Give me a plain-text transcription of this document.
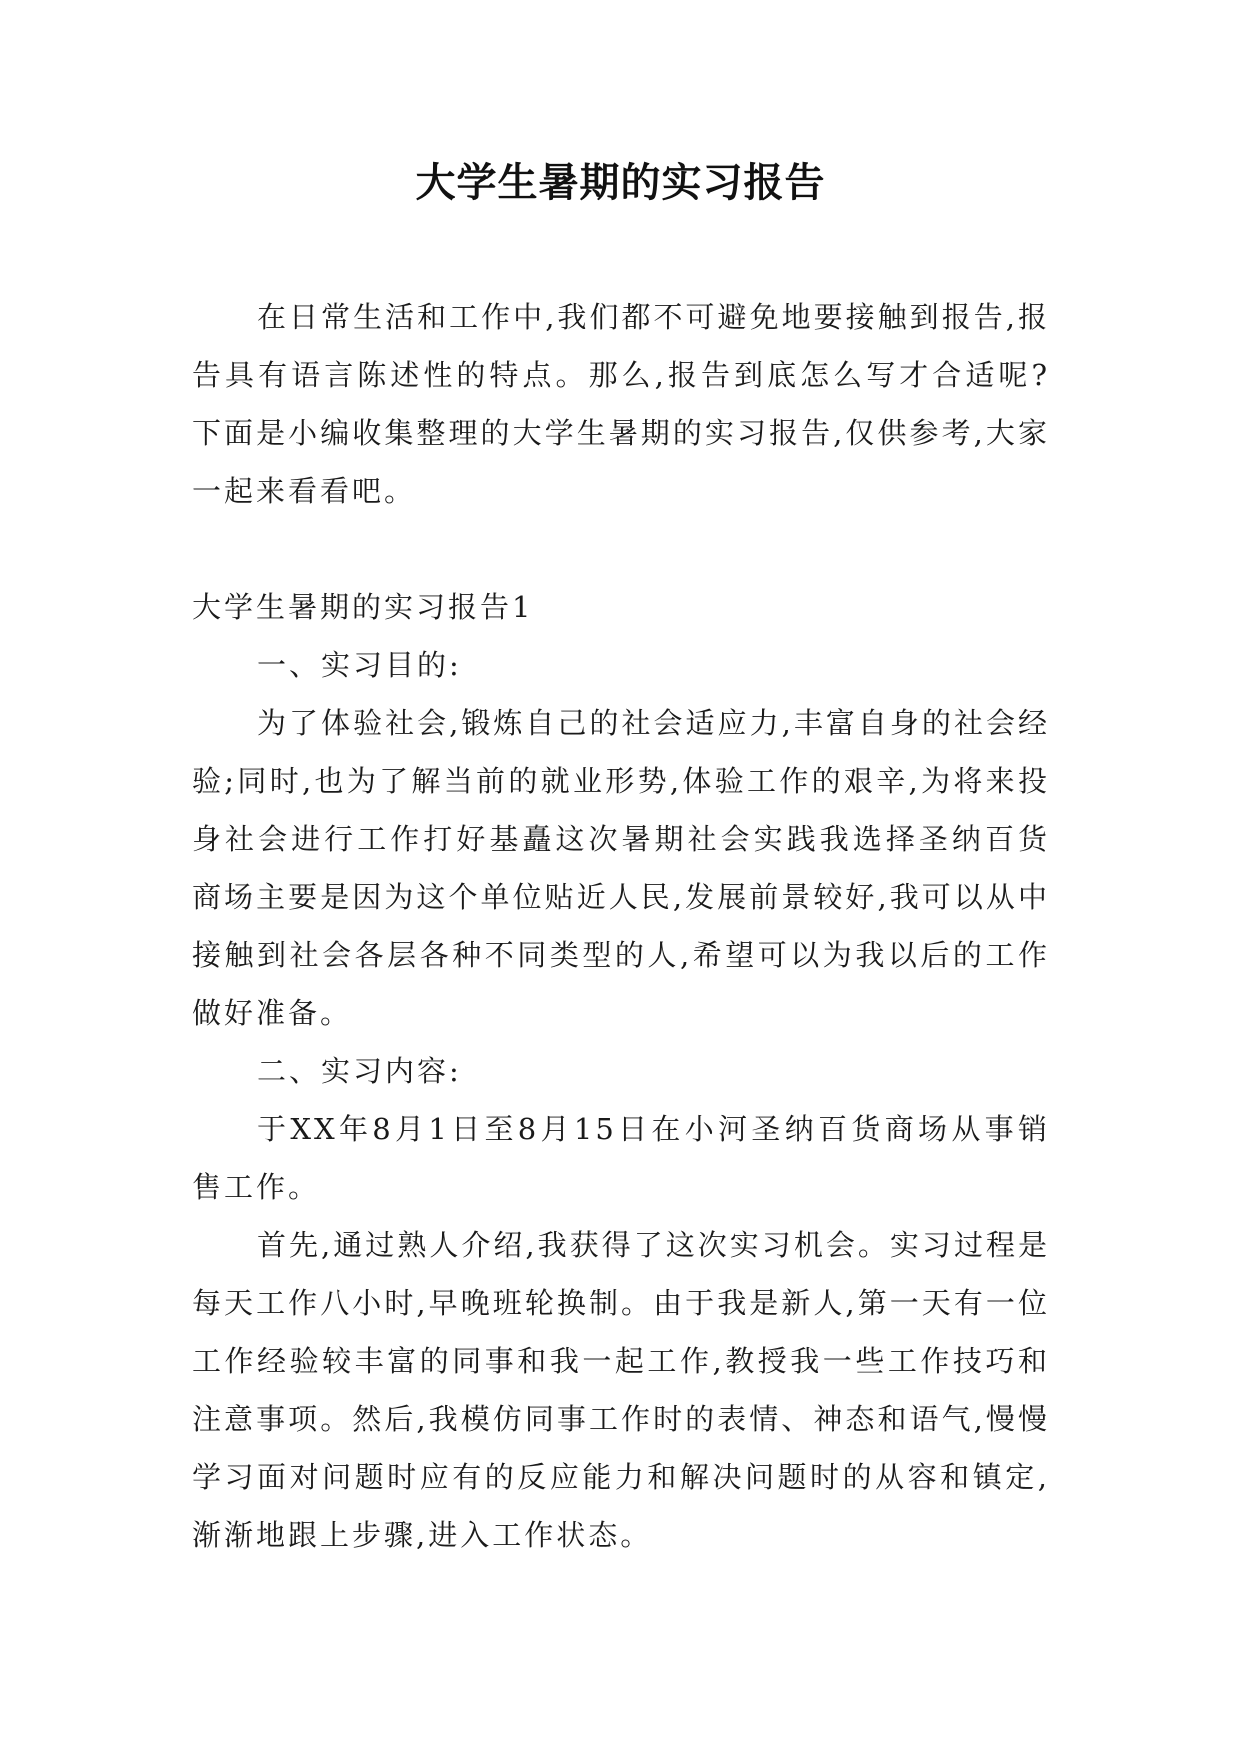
大学生暑期的实习报告

在日常生活和工作中,我们都不可避免地要接触到报告,报告具有语言陈述性的特点。那么,报告到底怎么写才合适呢?下面是小编收集整理的大学生暑期的实习报告,仅供参考,大家一起来看看吧。

大学生暑期的实习报告1

一、实习目的:

为了体验社会,锻炼自己的社会适应力,丰富自身的社会经验;同时,也为了解当前的就业形势,体验工作的艰辛,为将来投身社会进行工作打好基矗这次暑期社会实践我选择圣纳百货商场主要是因为这个单位贴近人民,发展前景较好,我可以从中接触到社会各层各种不同类型的人,希望可以为我以后的工作做好准备。

二、实习内容:

于XX年8月1日至8月15日在小河圣纳百货商场从事销售工作。

首先,通过熟人介绍,我获得了这次实习机会。实习过程是每天工作八小时,早晚班轮换制。由于我是新人,第一天有一位工作经验较丰富的同事和我一起工作,教授我一些工作技巧和注意事项。然后,我模仿同事工作时的表情、神态和语气,慢慢学习面对问题时应有的反应能力和解决问题时的从容和镇定,渐渐地跟上步骤,进入工作状态。
